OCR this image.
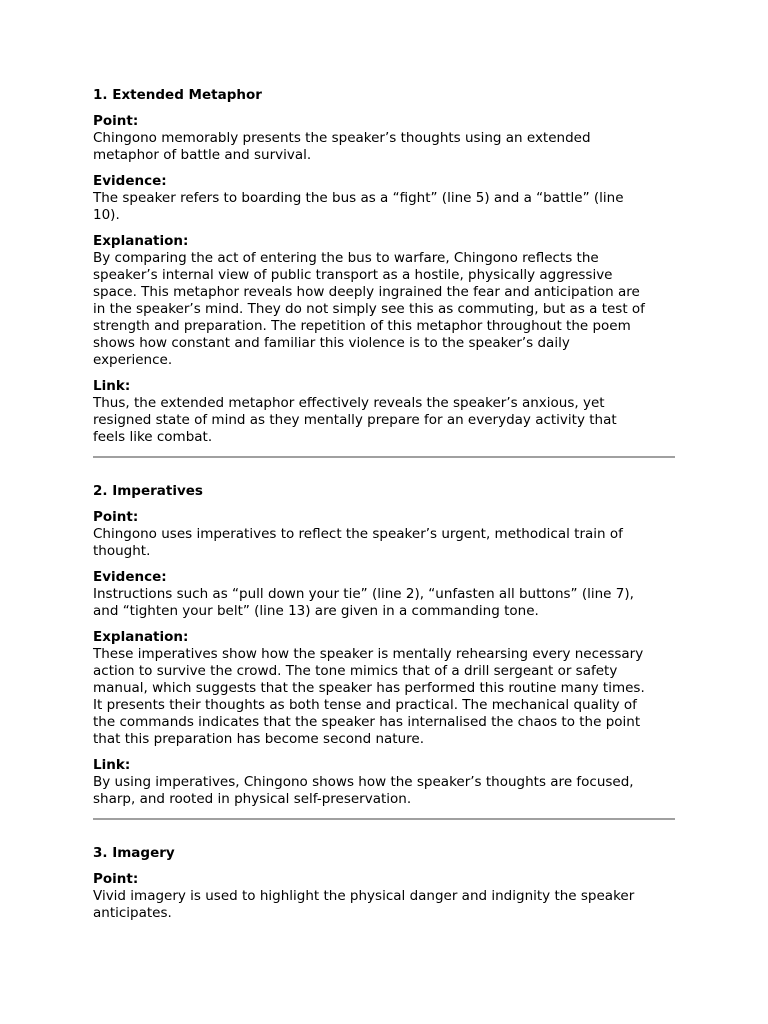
1. Extended Metaphor
Point:
Chingono memorably presents the speaker’s thoughts using an extended
metaphor of battle and survival.
Evidence:
The speaker refers to boarding the bus as a “fight” (line 5) and a “battle” (line
10).
Explanation:
By comparing the act of entering the bus to warfare, Chingono reflects the
speaker’s internal view of public transport as a hostile, physically aggressive
space. This metaphor reveals how deeply ingrained the fear and anticipation are
in the speaker’s mind. They do not simply see this as commuting, but as a test of
strength and preparation. The repetition of this metaphor throughout the poem
shows how constant and familiar this violence is to the speaker’s daily
experience.
Link:
Thus, the extended metaphor effectively reveals the speaker’s anxious, yet
resigned state of mind as they mentally prepare for an everyday activity that
feels like combat.
2. Imperatives
Point:
Chingono uses imperatives to reflect the speaker’s urgent, methodical train of
thought.
Evidence:
Instructions such as “pull down your tie” (line 2), “unfasten all buttons” (line 7),
and “tighten your belt” (line 13) are given in a commanding tone.
Explanation:
These imperatives show how the speaker is mentally rehearsing every necessary
action to survive the crowd. The tone mimics that of a drill sergeant or safety
manual, which suggests that the speaker has performed this routine many times.
It presents their thoughts as both tense and practical. The mechanical quality of
the commands indicates that the speaker has internalised the chaos to the point
that this preparation has become second nature.
Link:
By using imperatives, Chingono shows how the speaker’s thoughts are focused,
sharp, and rooted in physical self-preservation.
3. Imagery
Point:
Vivid imagery is used to highlight the physical danger and indignity the speaker
anticipates.
